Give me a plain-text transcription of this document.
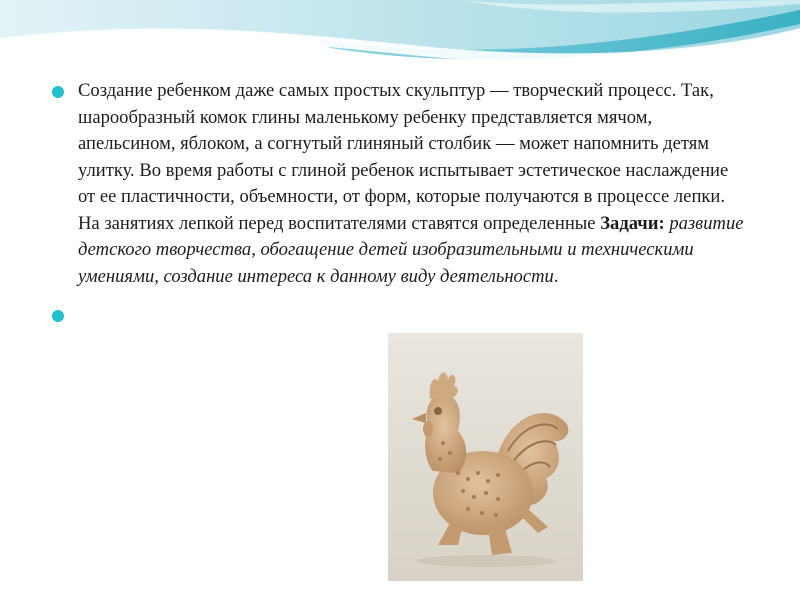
Создание ребенком даже самых простых скульптур — творческий процесс. Так, шарообразный комок глины маленькому ребенку представляется мячом, апельсином, яблоком, а согнутый глиняный столбик — может напомнить детям улитку. Во время работы с глиной ребенок испытывает эстетическое наслаждение от ее пластичности, объемности, от форм, которые получаются в процессе лепки. На занятиях лепкой перед воспитателями ставятся определенные Задачи: развитие детского творчества, обогащение детей изобразительными и техническими умениями, создание интереса к данному виду деятельности.
